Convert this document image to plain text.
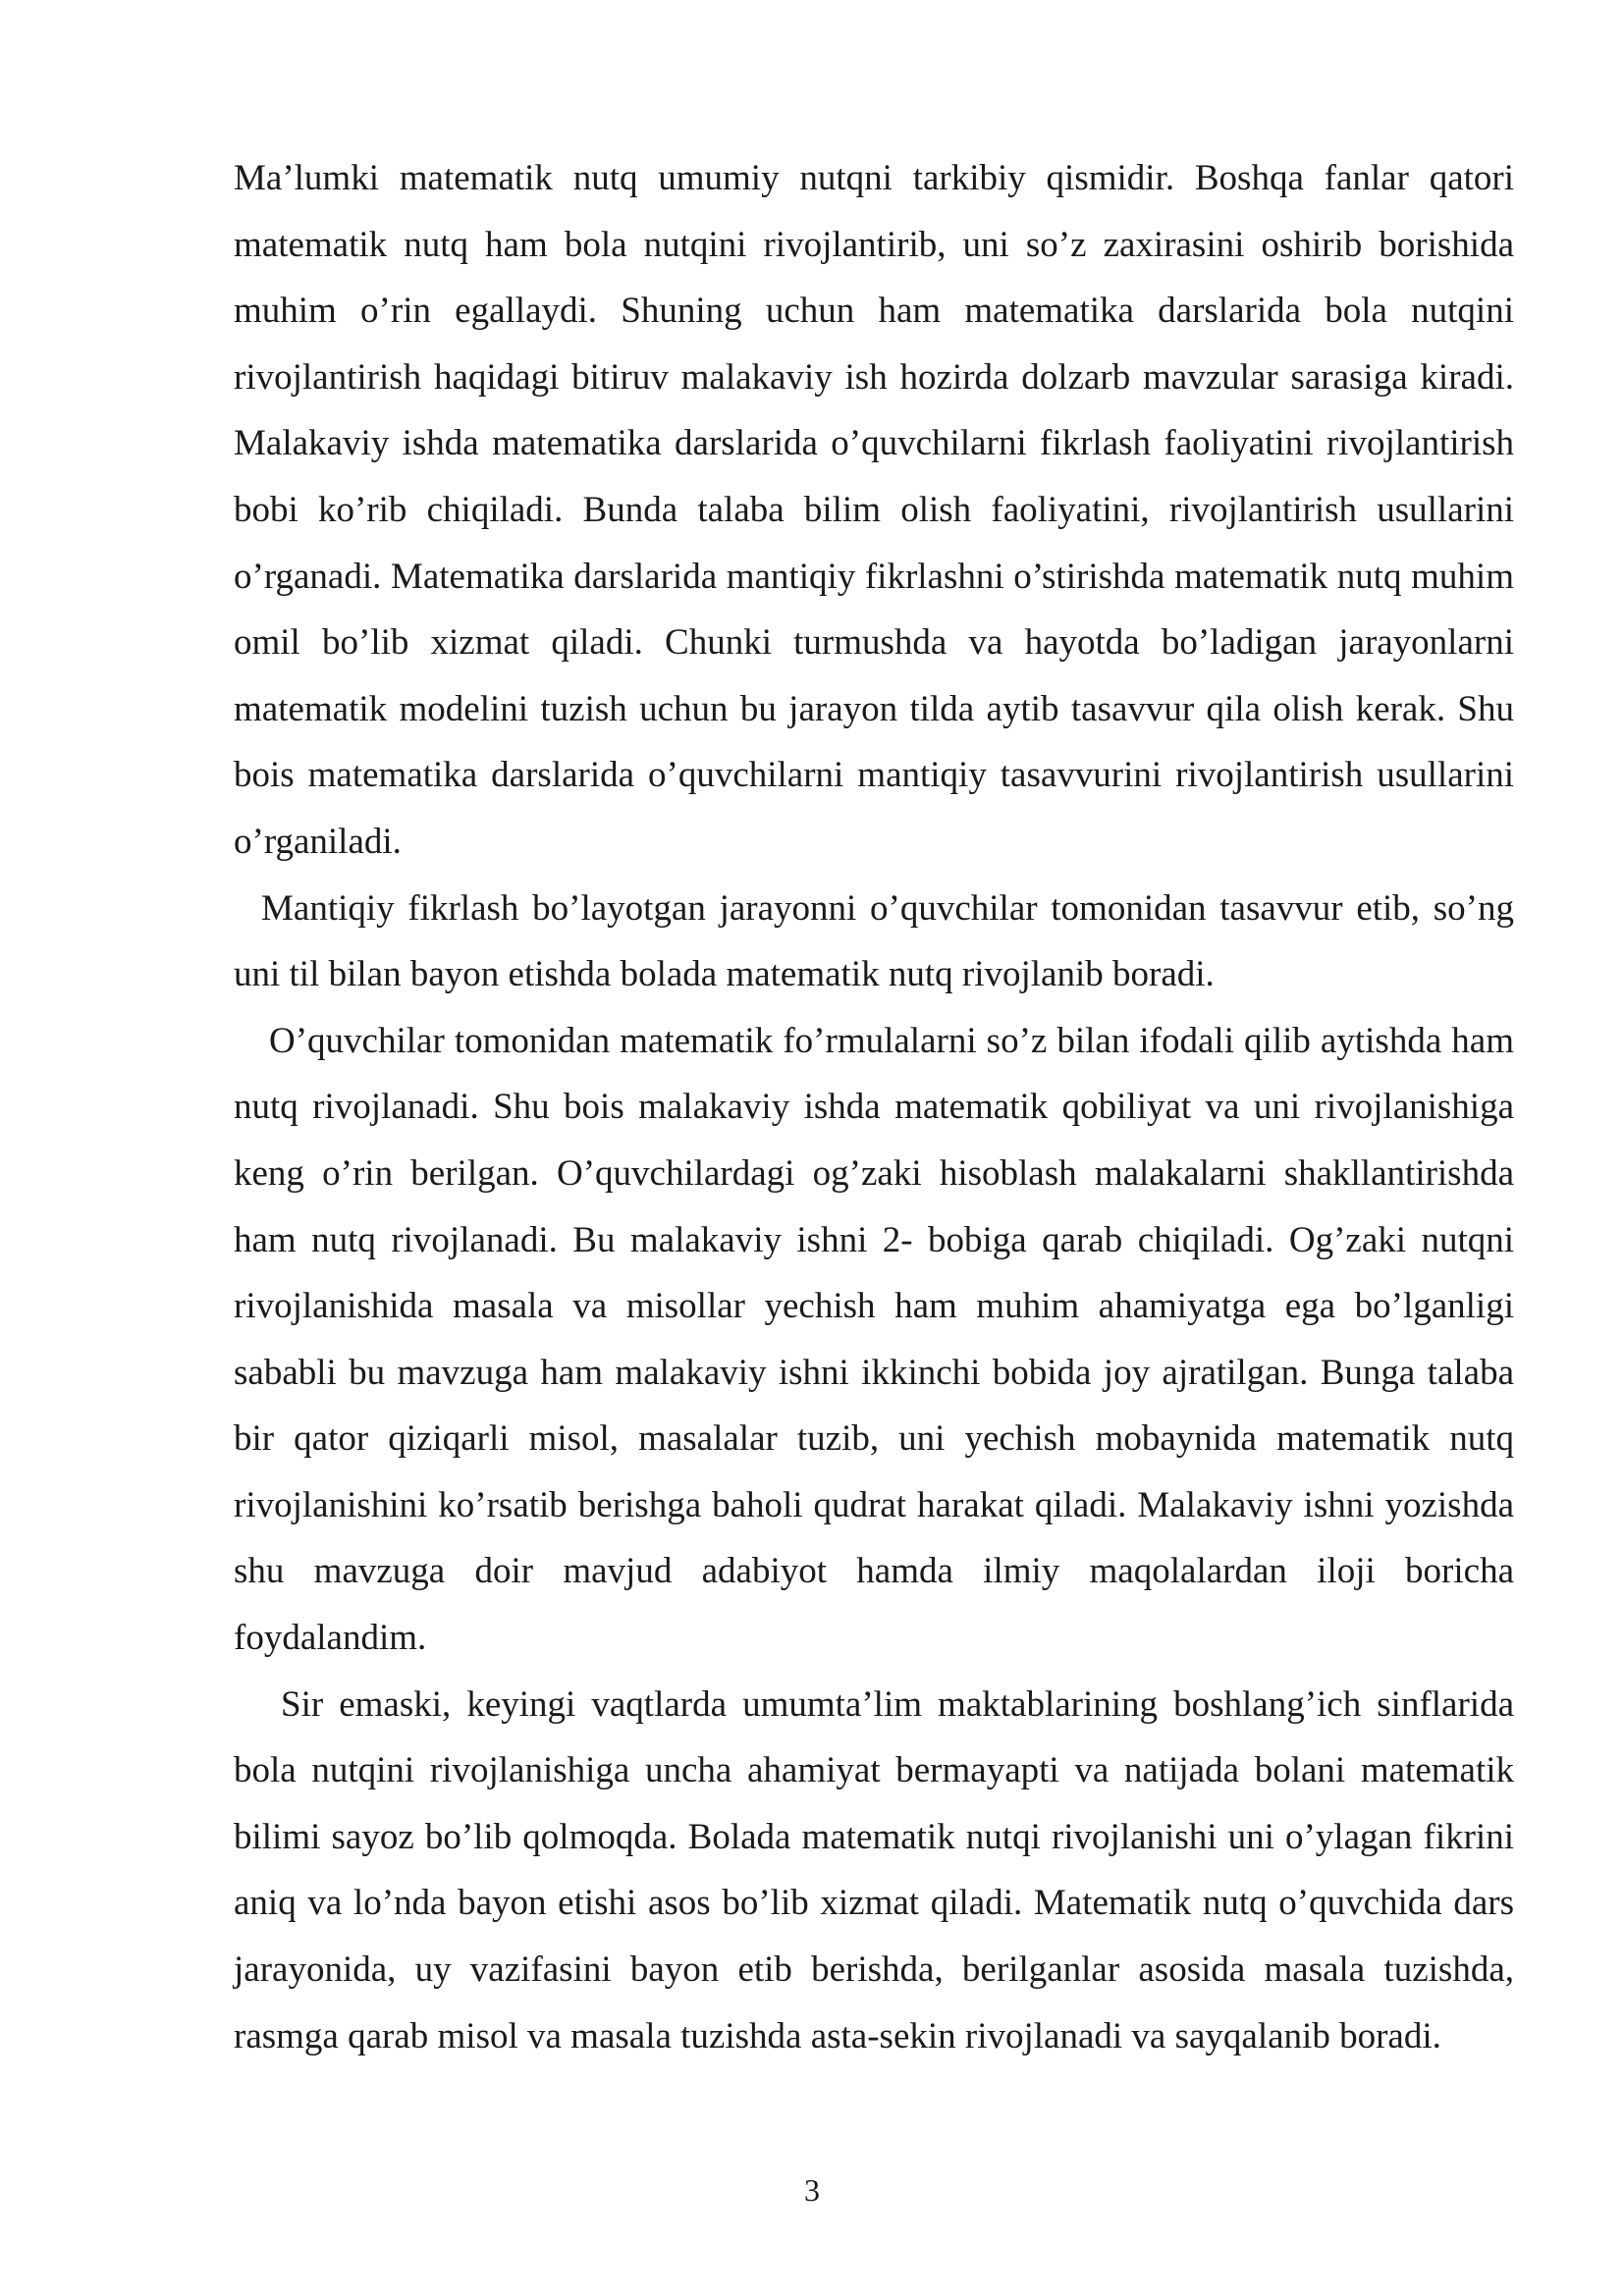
Ma’lumki matematik nutq umumiy nutqni tarkibiy qismidir. Boshqa fanlar qatori matematik nutq ham bola nutqini rivojlantirib, uni so’z zaxirasini oshirib borishida muhim o’rin egallaydi. Shuning uchun ham matematika darslarida bola nutqini rivojlantirish haqidagi bitiruv malakaviy ish hozirda dolzarb mavzular sarasiga kiradi. Malakaviy ishda matematika darslarida o’quvchilarni fikrlash faoliyatini rivojlantirish bobi ko’rib chiqiladi. Bunda talaba bilim olish faoliyatini, rivojlantirish usullarini o’rganadi. Matematika darslarida mantiqiy fikrlashni o’stirishda matematik nutq muhim omil bo’lib xizmat qiladi. Chunki turmushda va hayotda bo’ladigan jarayonlarni matematik modelini tuzish uchun bu jarayon tilda aytib tasavvur qila olish kerak. Shu bois matematika darslarida o’quvchilarni mantiqiy tasavvurini rivojlantirish usullarini o’rganiladi.

Mantiqiy fikrlash bo’layotgan jarayonni o’quvchilar tomonidan tasavvur etib, so’ng uni til bilan bayon etishda bolada matematik nutq rivojlanib boradi.

O’quvchilar tomonidan matematik fo’rmulalarni so’z bilan ifodali qilib aytishda ham nutq rivojlanadi. Shu bois malakaviy ishda matematik qobiliyat va uni rivojlanishiga keng o’rin berilgan. O’quvchilardagi og’zaki hisoblash malakalarni shakllantirishda ham nutq rivojlanadi. Bu malakaviy ishni 2- bobiga qarab chiqiladi. Og’zaki nutqni rivojlanishida masala va misollar yechish ham muhim ahamiyatga ega bo’lganligi sababli bu mavzuga ham malakaviy ishni ikkinchi bobida joy ajratilgan. Bunga talaba bir qator qiziqarli misol, masalalar tuzib, uni yechish mobaynida matematik nutq rivojlanishini ko’rsatib berishga baholi qudrat harakat qiladi. Malakaviy ishni yozishda shu mavzuga doir mavjud adabiyot hamda ilmiy maqolalardan iloji boricha foydalandim.

Sir emaski, keyingi vaqtlarda umumta’lim maktablarining boshlang’ich sinflarida bola nutqini rivojlanishiga uncha ahamiyat bermayapti va natijada bolani matematik bilimi sayoz bo’lib qolmoqda. Bolada matematik nutqi rivojlanishi uni o’ylagan fikrini aniq va lo’nda bayon etishi asos bo’lib xizmat qiladi. Matematik nutq o’quvchida dars jarayonida, uy vazifasini bayon etib berishda, berilganlar asosida masala tuzishda, rasmga qarab misol va masala tuzishda asta-sekin rivojlanadi va sayqalanib boradi.

3
